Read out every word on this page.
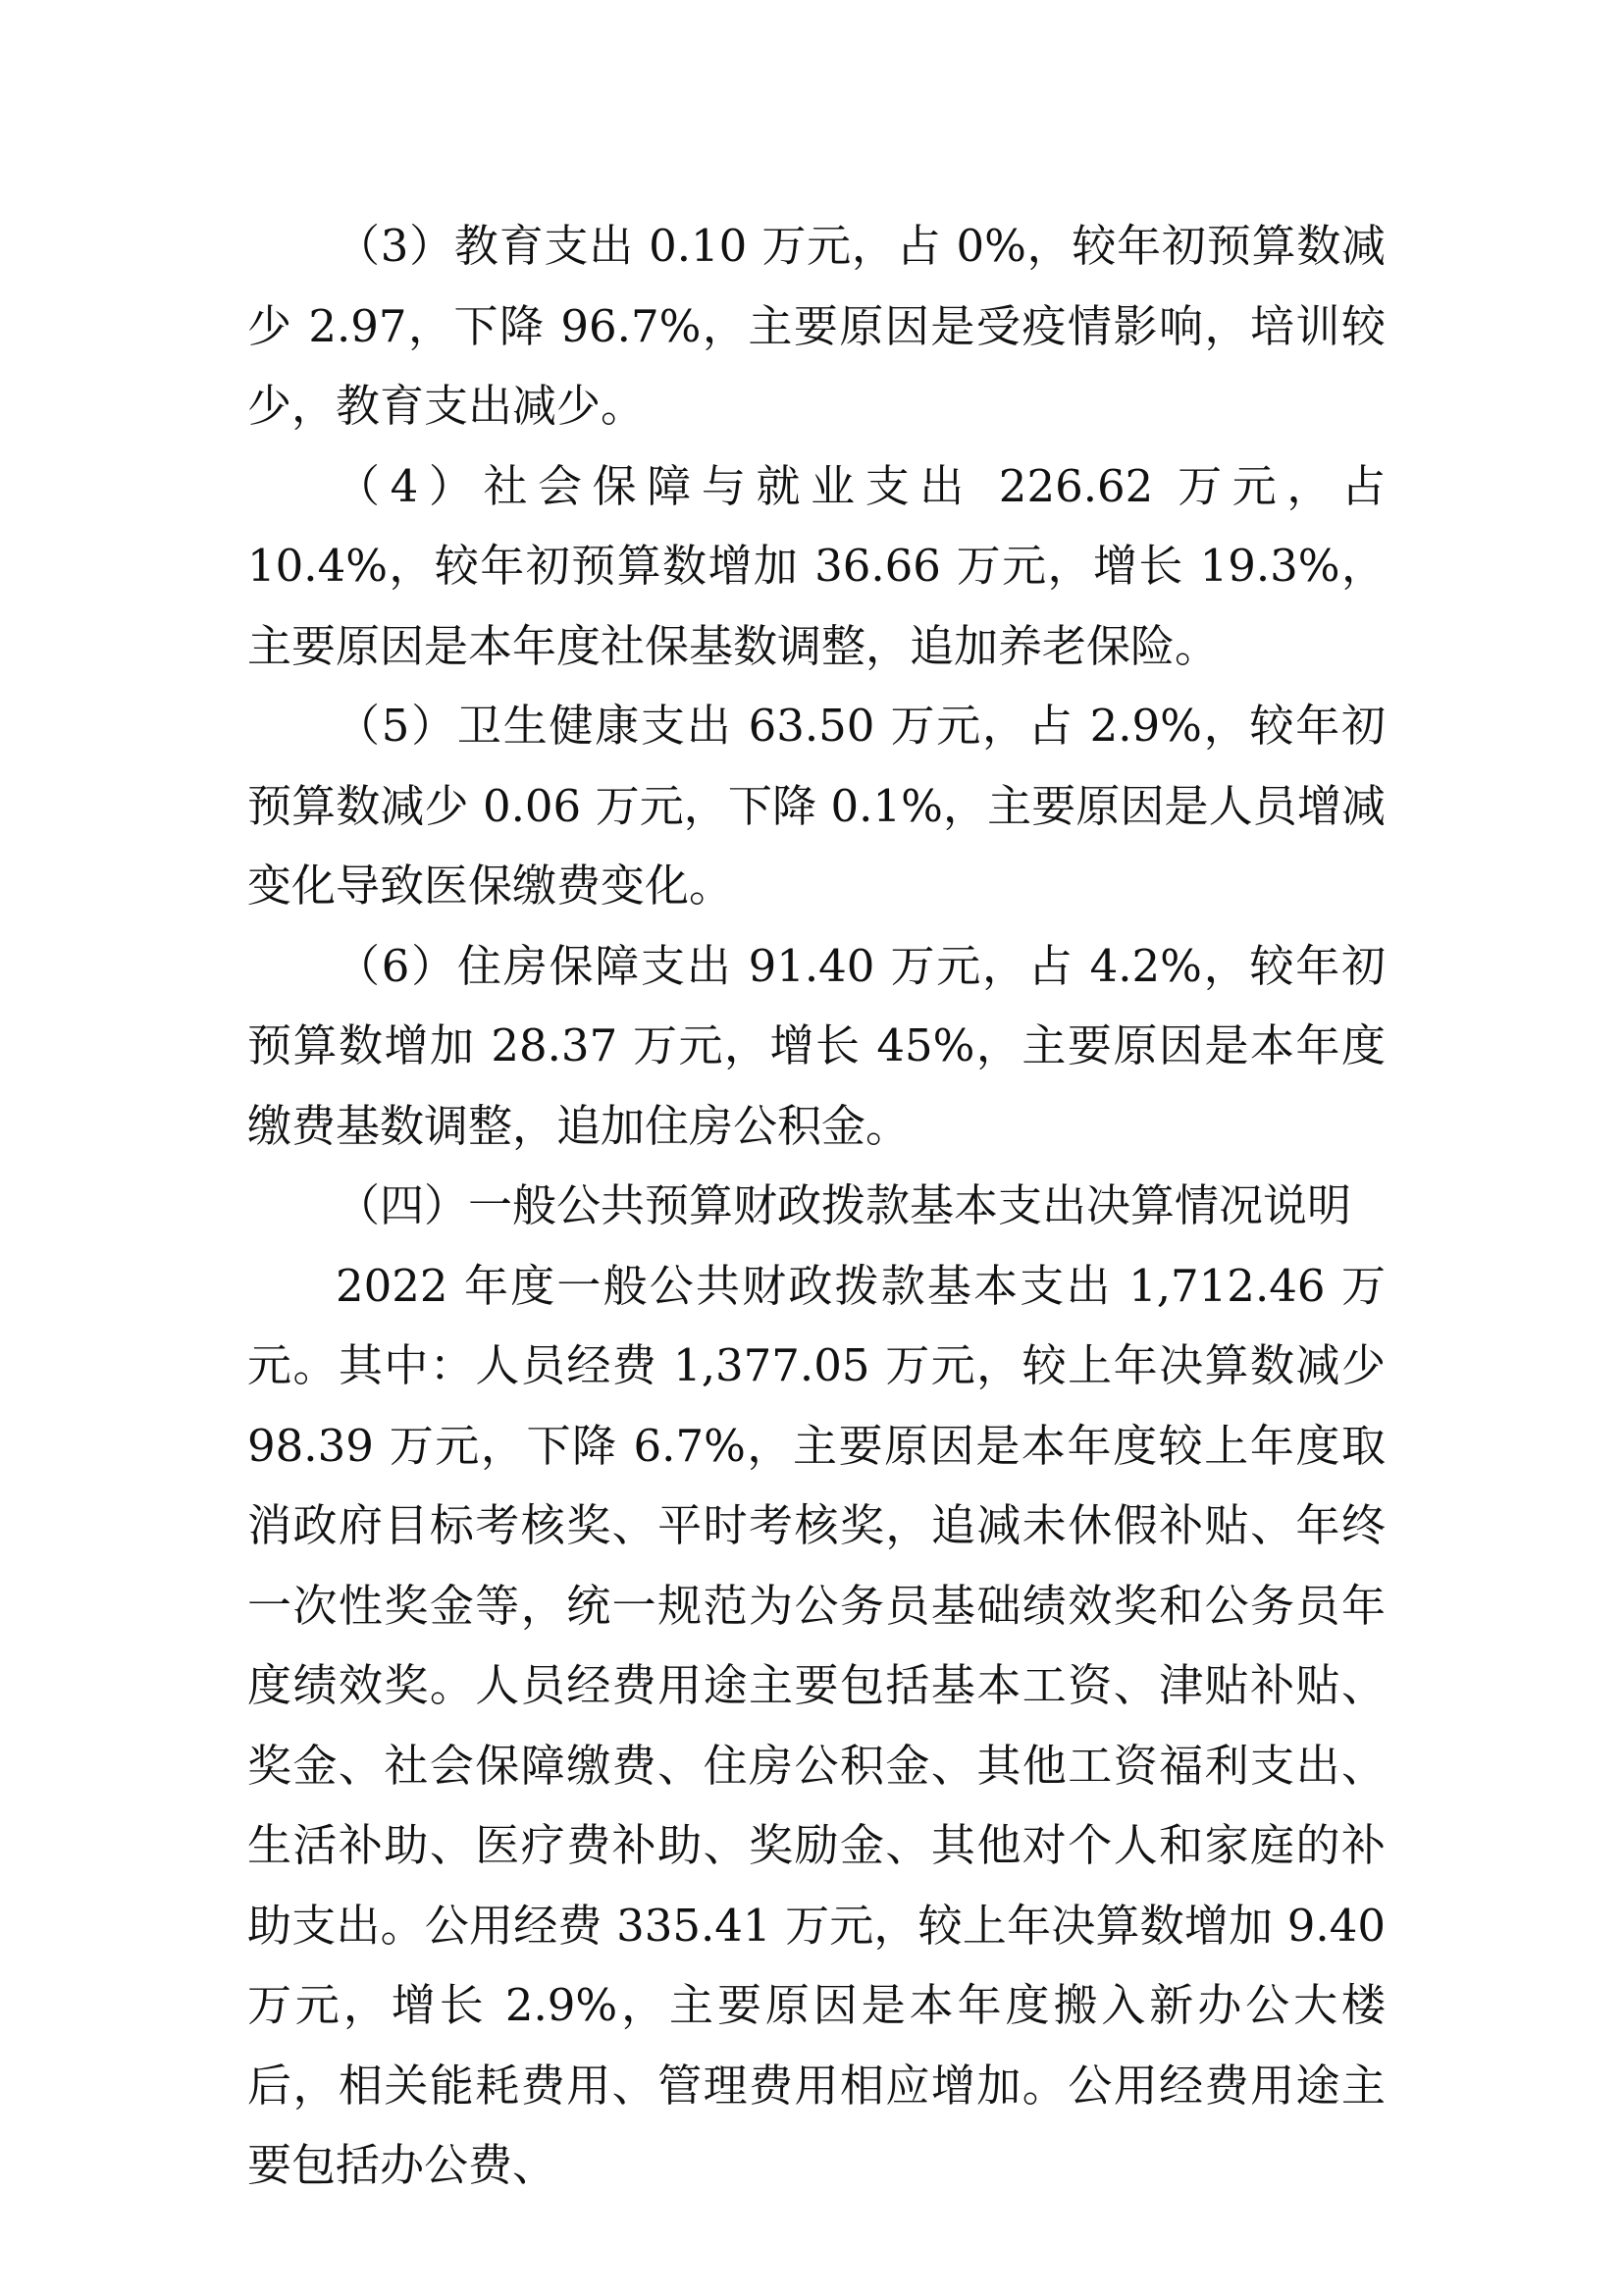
（3）教育支出 0.10 万元，占 0%，较年初预算数减少 2.97，下降 96.7%，主要原因是受疫情影响，培训较少，教育支出减少。

（4）社会保障与就业支出 226.62 万元，占 10.4%，较年初预算数增加 36.66 万元，增长 19.3%，主要原因是本年度社保基数调整，追加养老保险。

（5）卫生健康支出 63.50 万元，占 2.9%，较年初预算数减少 0.06 万元，下降 0.1%，主要原因是人员增减变化导致医保缴费变化。

（6）住房保障支出 91.40 万元，占 4.2%，较年初预算数增加 28.37 万元，增长 45%，主要原因是本年度缴费基数调整，追加住房公积金。

（四）一般公共预算财政拨款基本支出决算情况说明

2022 年度一般公共财政拨款基本支出 1,712.46 万元。其中：人员经费 1,377.05 万元，较上年决算数减少 98.39 万元，下降 6.7%，主要原因是本年度较上年度取消政府目标考核奖、平时考核奖，追减未休假补贴、年终一次性奖金等，统一规范为公务员基础绩效奖和公务员年度绩效奖。人员经费用途主要包括基本工资、津贴补贴、奖金、社会保障缴费、住房公积金、其他工资福利支出、生活补助、医疗费补助、奖励金、其他对个人和家庭的补助支出。公用经费 335.41 万元，较上年决算数增加 9.40 万元，增长 2.9%，主要原因是本年度搬入新办公大楼后，相关能耗费用、管理费用相应增加。公用经费用途主要包括办公费、
